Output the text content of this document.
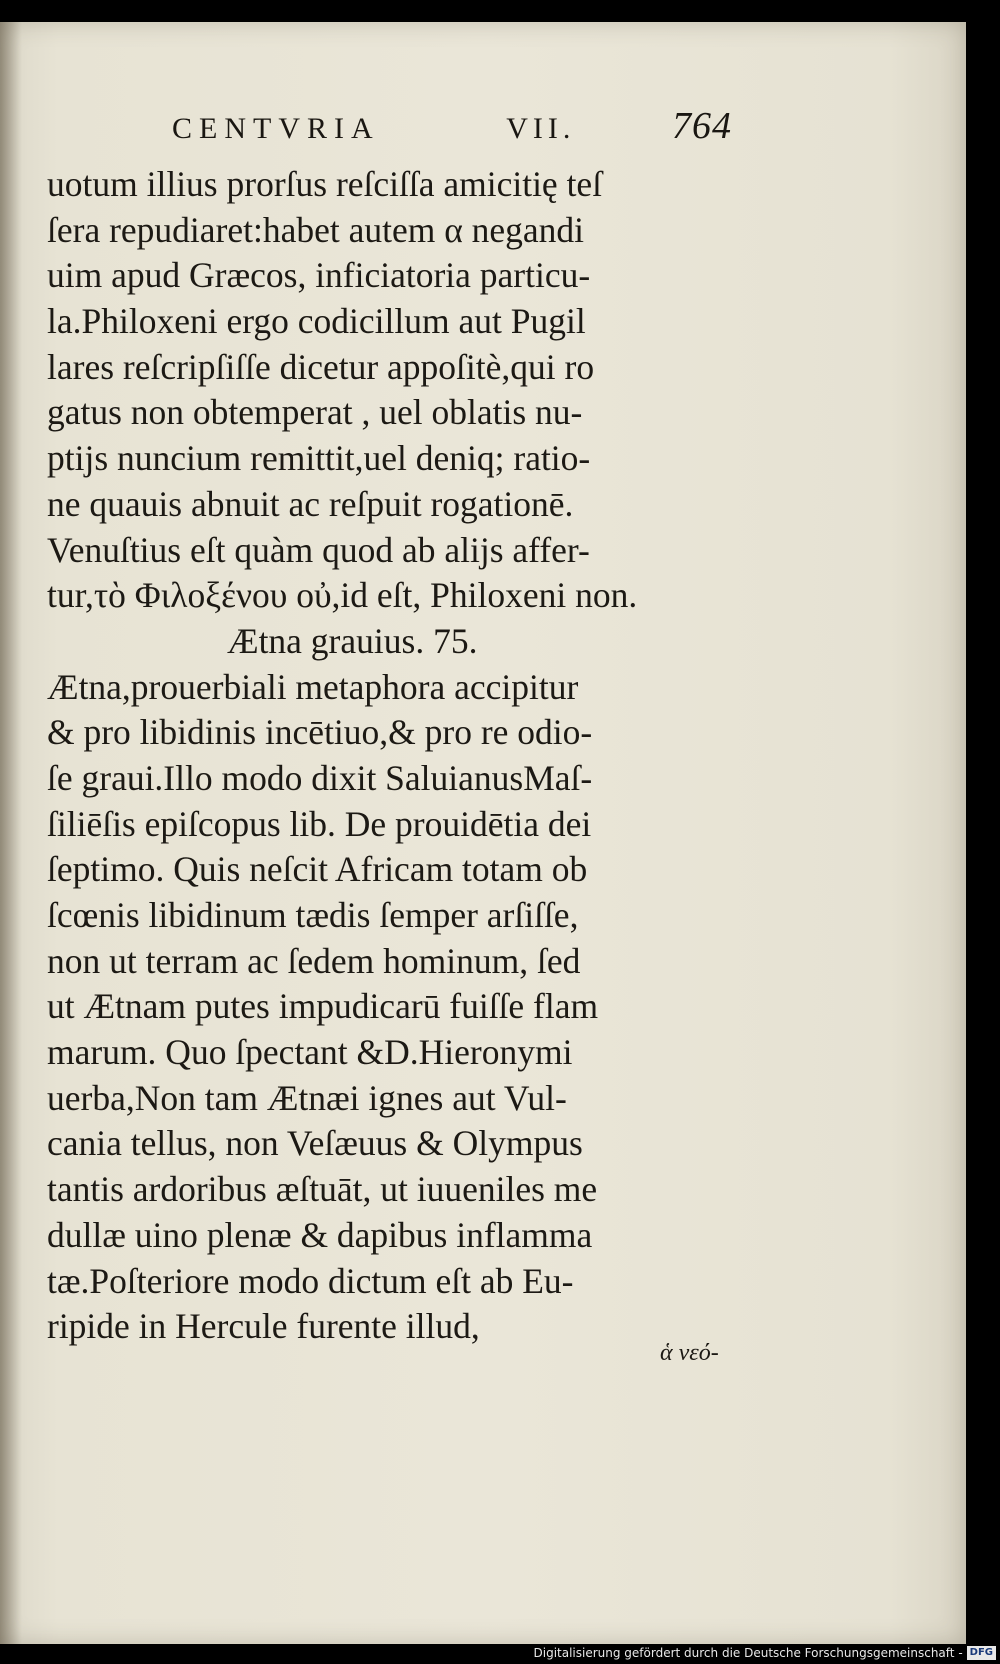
CENTVRIA	VII.	764
uotum illius prorſus reſciſſa amicitię teſ
ſera repudiaret:habet autem α negandi
uim apud Græcos, inficiatoria particu-
la.Philoxeni ergo codicillum aut Pugil
lares reſcripſiſſe dicetur appoſitè,qui ro
gatus non obtemperat , uel oblatis nu-
ptijs nuncium remittit,uel deniq; ratio-
ne quauis abnuit ac reſpuit rogationē.
Venuſtius eſt quàm quod ab alijs affer-
tur,τὸ Φιλοξένου οὐ,id eſt, Philoxeni non.
Ætna grauius. 75.
Ætna,prouerbiali metaphora accipitur
& pro libidinis incētiuo,& pro re odio-
ſe graui.Illo modo dixit SaluianusMaſ-
ſiliēſis epiſcopus lib. De prouidētia dei
ſeptimo. Quis neſcit Africam totam ob
ſcœnis libidinum tædis ſemper arſiſſe,
non ut terram ac ſedem hominum, ſed
ut Ætnam putes impudicarū fuiſſe flam
marum. Quo ſpectant &D.Hieronymi
uerba,Non tam Ætnæi ignes aut Vul-
cania tellus, non Veſæuus & Olympus
tantis ardoribus æſtuāt, ut iuueniles me
dullæ uino plenæ & dapibus inflamma
tæ.Poſteriore modo dictum eſt ab Eu-
ripide in Hercule furente illud,
ἁ νεό-
Digitalisierung gefördert durch die Deutsche Forschungsgemeinschaft - DFG
